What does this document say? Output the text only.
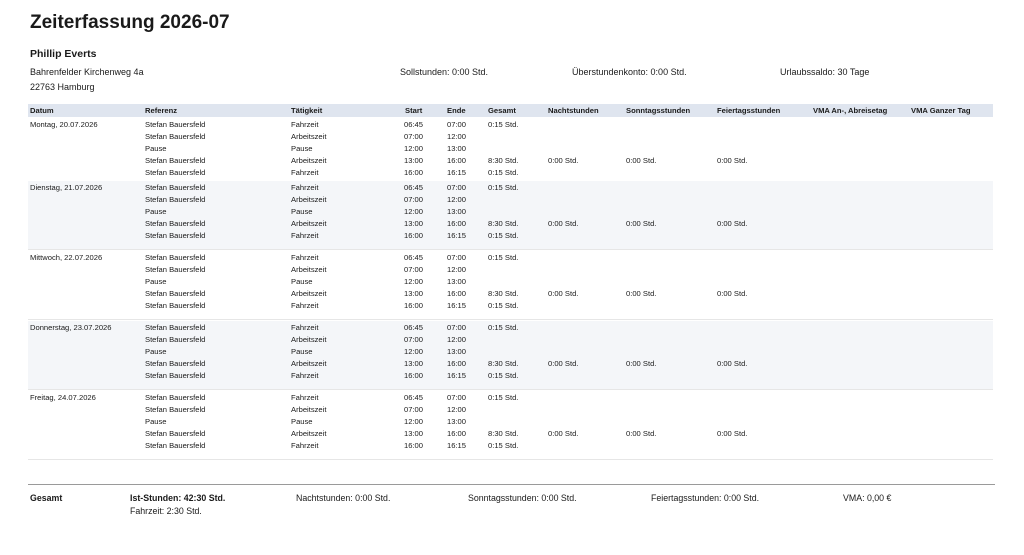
Zeiterfassung 2026-07
Phillip Everts
Bahrenfelder Kirchenweg 4a
22763 Hamburg
Sollstunden: 0:00 Std.	Überstundenkonto: 0:00 Std.	Urlaubssaldo: 30 Tage
Datum	Referenz	Tätigkeit	Start	Ende	Gesamt	Nachtstunden	Sonntagsstunden	Feiertagsstunden	VMA An-, Abreisetag	VMA Ganzer Tag
Montag, 20.07.2026	Stefan Bauersfeld	Fahrzeit	06:45	07:00	0:15 Std.
Stefan Bauersfeld	Arbeitszeit	07:00	12:00
Pause	Pause	12:00	13:00
Stefan Bauersfeld	Arbeitszeit	13:00	16:00	8:30 Std.	0:00 Std.	0:00 Std.	0:00 Std.
Stefan Bauersfeld	Fahrzeit	16:00	16:15	0:15 Std.
Dienstag, 21.07.2026	Stefan Bauersfeld	Fahrzeit	06:45	07:00	0:15 Std.
Stefan Bauersfeld	Arbeitszeit	07:00	12:00
Pause	Pause	12:00	13:00
Stefan Bauersfeld	Arbeitszeit	13:00	16:00	8:30 Std.	0:00 Std.	0:00 Std.	0:00 Std.
Stefan Bauersfeld	Fahrzeit	16:00	16:15	0:15 Std.
Mittwoch, 22.07.2026	Stefan Bauersfeld	Fahrzeit	06:45	07:00	0:15 Std.
Stefan Bauersfeld	Arbeitszeit	07:00	12:00
Pause	Pause	12:00	13:00
Stefan Bauersfeld	Arbeitszeit	13:00	16:00	8:30 Std.	0:00 Std.	0:00 Std.	0:00 Std.
Stefan Bauersfeld	Fahrzeit	16:00	16:15	0:15 Std.
Donnerstag, 23.07.2026	Stefan Bauersfeld	Fahrzeit	06:45	07:00	0:15 Std.
Stefan Bauersfeld	Arbeitszeit	07:00	12:00
Pause	Pause	12:00	13:00
Stefan Bauersfeld	Arbeitszeit	13:00	16:00	8:30 Std.	0:00 Std.	0:00 Std.	0:00 Std.
Stefan Bauersfeld	Fahrzeit	16:00	16:15	0:15 Std.
Freitag, 24.07.2026	Stefan Bauersfeld	Fahrzeit	06:45	07:00	0:15 Std.
Stefan Bauersfeld	Arbeitszeit	07:00	12:00
Pause	Pause	12:00	13:00
Stefan Bauersfeld	Arbeitszeit	13:00	16:00	8:30 Std.	0:00 Std.	0:00 Std.	0:00 Std.
Stefan Bauersfeld	Fahrzeit	16:00	16:15	0:15 Std.
Gesamt	Ist-Stunden: 42:30 Std.
Fahrzeit: 2:30 Std.
Nachtstunden: 0:00 Std.	Sonntagsstunden: 0:00 Std.	Feiertagsstunden: 0:00 Std.	VMA: 0,00 €
